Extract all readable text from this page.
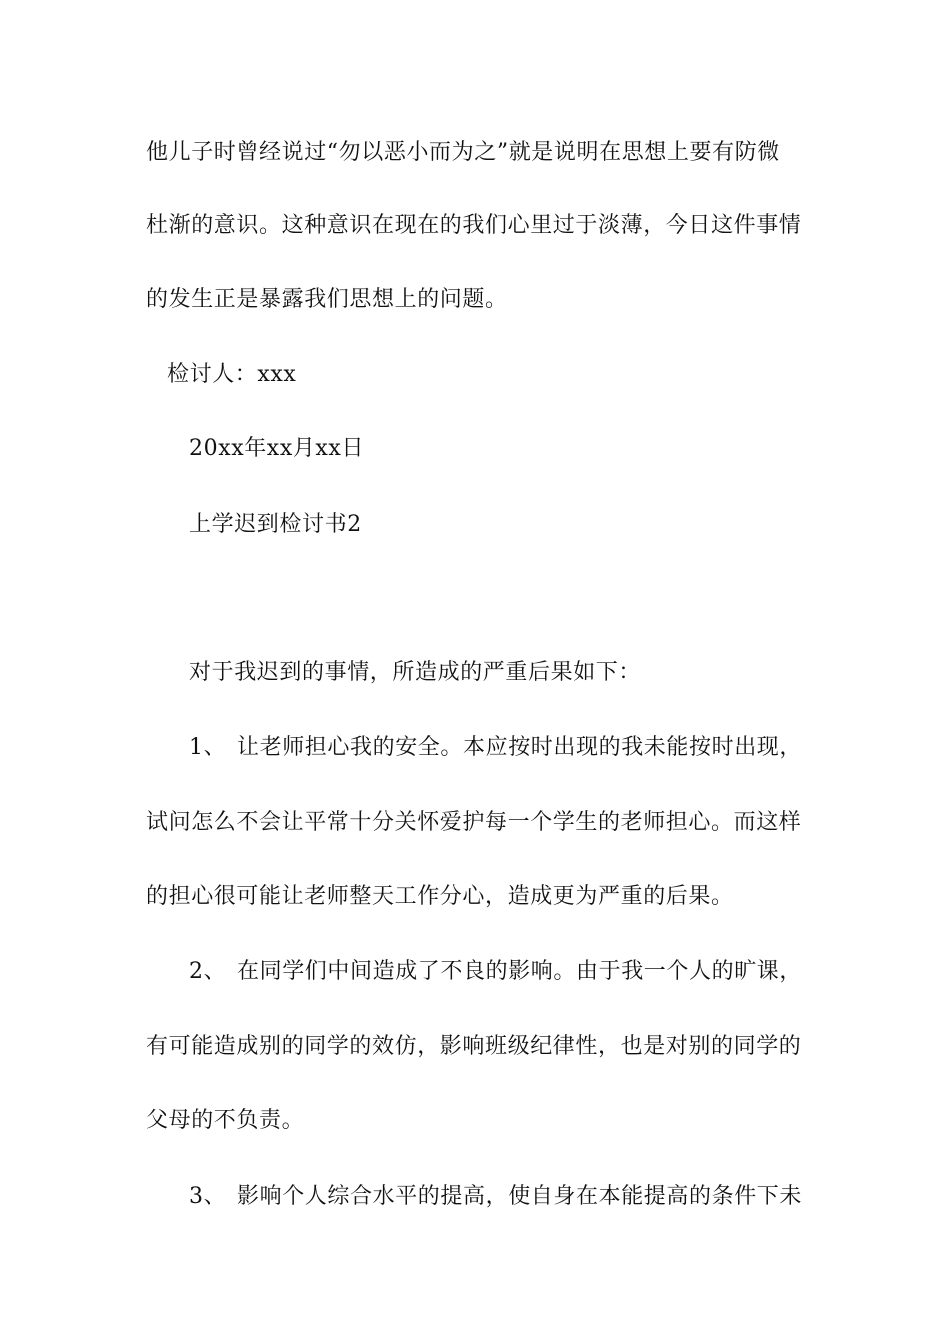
他儿子时曾经说过“勿以恶小而为之”就是说明在思想上要有防微
杜渐的意识。这种意识在现在的我们心里过于淡薄，今日这件事情
的发生正是暴露我们思想上的问题。
检讨人：xxx
20xx年xx月xx日
上学迟到检讨书2
对于我迟到的事情，所造成的严重后果如下：
1、 让老师担心我的安全。本应按时出现的我未能按时出现，
试问怎么不会让平常十分关怀爱护每一个学生的老师担心。而这样
的担心很可能让老师整天工作分心，造成更为严重的后果。
2、 在同学们中间造成了不良的影响。由于我一个人的旷课，
有可能造成别的同学的效仿，影响班级纪律性，也是对别的同学的
父母的不负责。
3、 影响个人综合水平的提高，使自身在本能提高的条件下未
